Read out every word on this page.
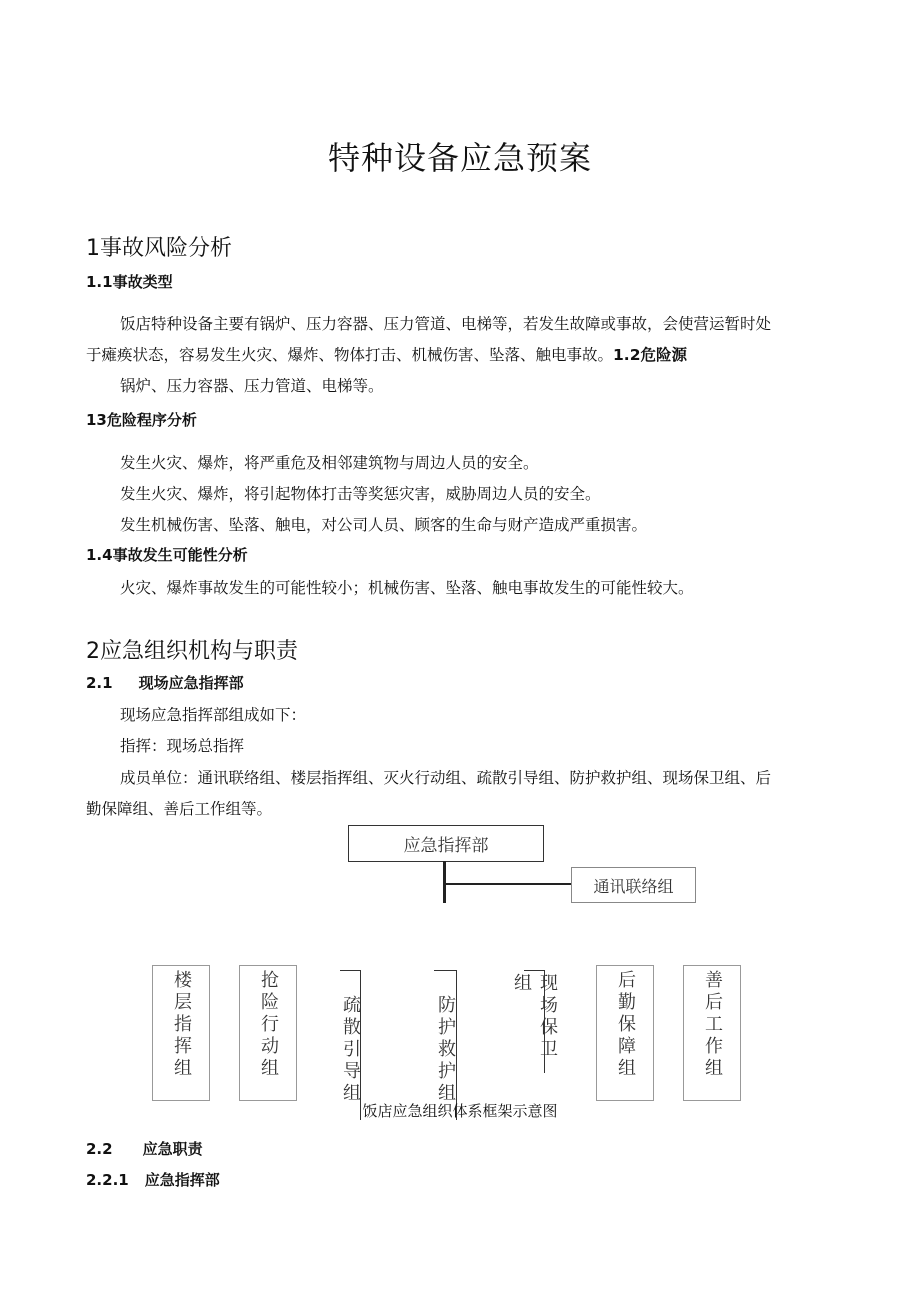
特种设备应急预案
1事故风险分析
1.1事故类型
饭店特种设备主要有锅炉、压力容器、压力管道、电梯等，若发生故障或事故，会使营运暂时处
于瘫痪状态，容易发生火灾、爆炸、物体打击、机械伤害、坠落、触电事故。1.2危险源
锅炉、压力容器、压力管道、电梯等。
13危险程序分析
发生火灾、爆炸，将严重危及相邻建筑物与周边人员的安全。
发生火灾、爆炸，将引起物体打击等奖惩灾害，威胁周边人员的安全。
发生机械伤害、坠落、触电，对公司人员、顾客的生命与财产造成严重损害。
1.4事故发生可能性分析
火灾、爆炸事故发生的可能性较小；机械伤害、坠落、触电事故发生的可能性较大。
2应急组织机构与职责
2.1 现场应急指挥部
现场应急指挥部组成如下：
指挥：现场总指挥
成员单位：通讯联络组、楼层指挥组、灭火行动组、疏散引导组、防护救护组、现场保卫组、后
勤保障组、善后工作组等。
应急指挥部
通讯联络组
楼层指挥组	抢险行动组	疏散引导组	防护救护组	现场保卫组	后勤保障组	善后工作组
饭店应急组织体系框架示意图
2.2 应急职责
2.2.1 应急指挥部
